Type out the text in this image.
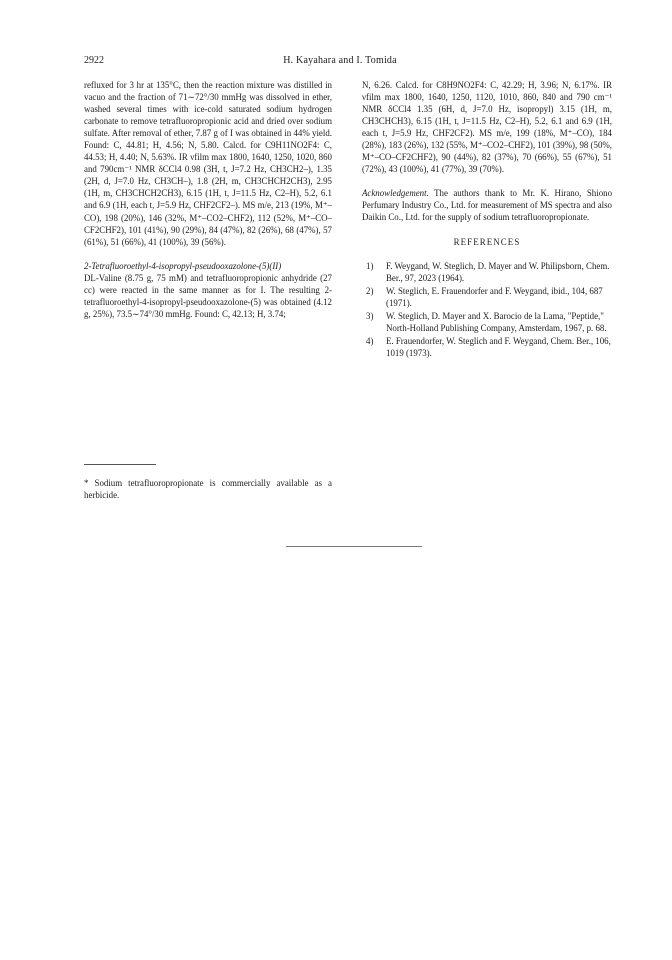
2922	H. Kayahara and I. Tomida

refluxed for 3 hr at 135°C, then the reaction mixture was distilled in vacuo and the fraction of 71∼72°/30 mmHg was dissolved in ether, washed several times with ice-cold saturated sodium hydrogen carbonate to remove tetrafluoropropionic acid and dried over sodium sulfate. After removal of ether, 7.87 g of I was obtained in 44% yield. Found: C, 44.81; H, 4.56; N, 5.80. Calcd. for C9H11NO2F4: C, 44.53; H, 4.40; N, 5.63%. IR νfilm max 1800, 1640, 1250, 1020, 860 and 790cm⁻¹ NMR δCCl4 0.98 (3H, t, J=7.2 Hz, CH3CH2–), 1.35 (2H, d, J=7.0 Hz, CH3CH–), 1.8 (2H, m, CH3CHCH2CH3), 2.95 (1H, m, CH3CHCH2CH3), 6.15 (1H, t, J=11.5 Hz, C2–H), 5.2, 6.1 and 6.9 (1H, each t, J=5.9 Hz, CHF2CF2–). MS m/e, 213 (19%, M⁺–CO), 198 (20%), 146 (32%, M⁺–CO2–CHF2), 112 (52%, M⁺–CO–CF2CHF2), 101 (41%), 90 (29%), 84 (47%), 82 (26%), 68 (47%), 57 (61%), 51 (66%), 41 (100%), 39 (56%).

2-Tetrafluoroethyl-4-isopropyl-pseudooxazolone-(5)(II)

DL-Valine (8.75 g, 75 mM) and tetrafluoropropionic anhydride (27 cc) were reacted in the same manner as for I. The resulting 2-tetrafluoroethyl-4-isopropyl-pseudooxazolone-(5) was obtained (4.12 g, 25%), 73.5∼74°/30 mmHg. Found: C, 42.13; H, 3.74;

* Sodium tetrafluoropropionate is commercially available as a herbicide.

N, 6.26. Calcd. for C8H9NO2F4: C, 42.29; H, 3.96; N, 6.17%. IR νfilm max 1800, 1640, 1250, 1120, 1010, 860, 840 and 790 cm⁻¹ NMR δCCl4 1.35 (6H, d, J=7.0 Hz, isopropyl) 3.15 (1H, m, CH3CHCH3), 6.15 (1H, t, J=11.5 Hz, C2–H), 5.2, 6.1 and 6.9 (1H, each t, J=5.9 Hz, CHF2CF2). MS m/e, 199 (18%, M⁺–CO), 184 (28%), 183 (26%), 132 (55%, M⁺–CO2–CHF2), 101 (39%), 98 (50%, M⁺–CO–CF2CHF2), 90 (44%), 82 (37%), 70 (66%), 55 (67%), 51 (72%), 43 (100%), 41 (77%), 39 (70%).

Acknowledgement. The authors thank to Mr. K. Hirano, Shiono Perfumary Industry Co., Ltd. for measurement of MS spectra and also Daikin Co., Ltd. for the supply of sodium tetrafluoropropionate.

REFERENCES

1) F. Weygand, W. Steglich, D. Mayer and W. Philipsborn, Chem. Ber., 97, 2023 (1964).
2) W. Steglich, E. Frauendorfer and F. Weygand, ibid., 104, 687 (1971).
3) W. Steglich, D. Mayer and X. Barocio de la Lama, "Peptide," North-Holland Publishing Company, Amsterdam, 1967, p. 68.
4) E. Frauendorfer, W. Steglich and F. Weygand, Chem. Ber., 106, 1019 (1973).
